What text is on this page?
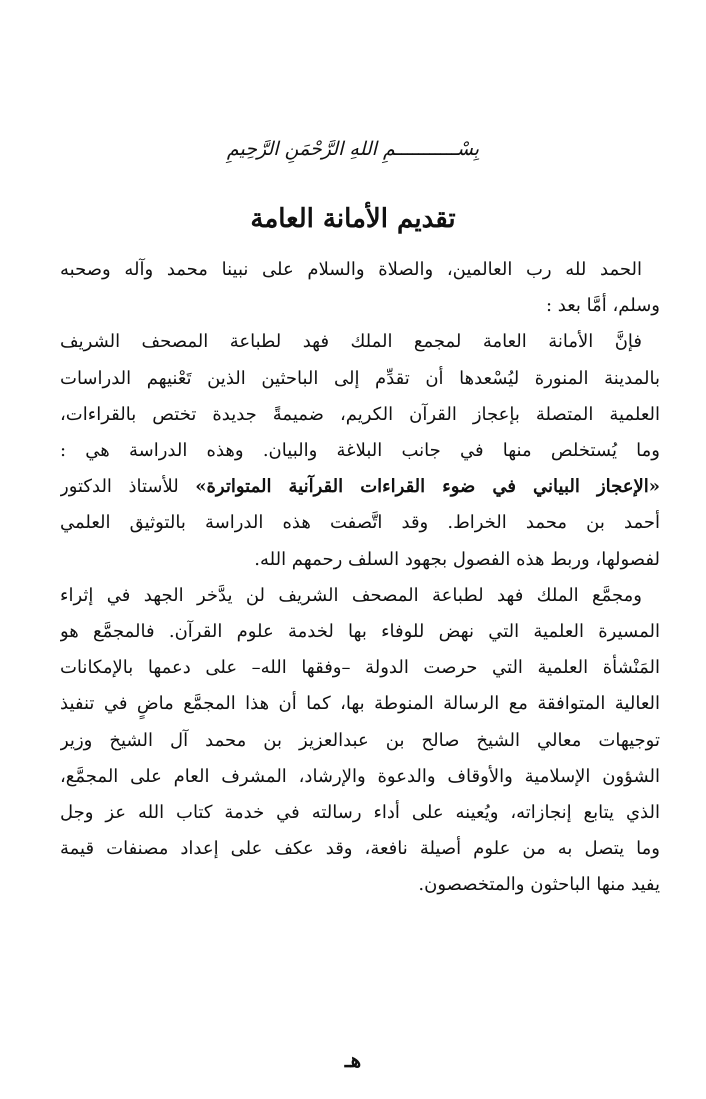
بِسْـــــــــــمِ اللهِ الرَّحْمَنِ الرَّحِيمِ
تقديم الأمانة العامة
الحمد لله رب العالمين، والصلاة والسلام على نبينا محمد وآله وصحبه
وسلم، أمَّا بعد :
فإنَّ الأمانة العامة لمجمع الملك فهد لطباعة المصحف الشريف
بالمدينة المنورة ليُسْعدها أن تقدِّم إلى الباحثين الذين تَعْنيهم الدراسات
العلمية المتصلة بإعجاز القرآن الكريم، ضميمةً جديدة تختص بالقراءات،
وما يُستخلص منها في جانب البلاغة والبيان. وهذه الدراسة هي :
«الإعجاز البياني في ضوء القراءات القرآنية المتواترة» للأستاذ الدكتور
أحمد بن محمد الخراط. وقد اتَّصفت هذه الدراسة بالتوثيق العلمي
لفصولها، وربط هذه الفصول بجهود السلف رحمهم الله.
ومجمَّع الملك فهد لطباعة المصحف الشريف لن يدَّخر الجهد في إثراء
المسيرة العلمية التي نهض للوفاء بها لخدمة علوم القرآن. فالمجمَّع هو
المَنْشأة العلمية التي حرصت الدولة –وفقها الله– على دعمها بالإمكانات
العالية المتوافقة مع الرسالة المنوطة بها، كما أن هذا المجمَّع ماضٍ في تنفيذ
توجيهات معالي الشيخ صالح بن عبدالعزيز بن محمد آل الشيخ وزير
الشؤون الإسلامية والأوقاف والدعوة والإرشاد، المشرف العام على المجمَّع،
الذي يتابع إنجازاته، ويُعينه على أداء رسالته في خدمة كتاب الله عز وجل
وما يتصل به من علوم أصيلة نافعة، وقد عكف على إعداد مصنفات قيمة
يفيد منها الباحثون والمتخصصون.
هـ
